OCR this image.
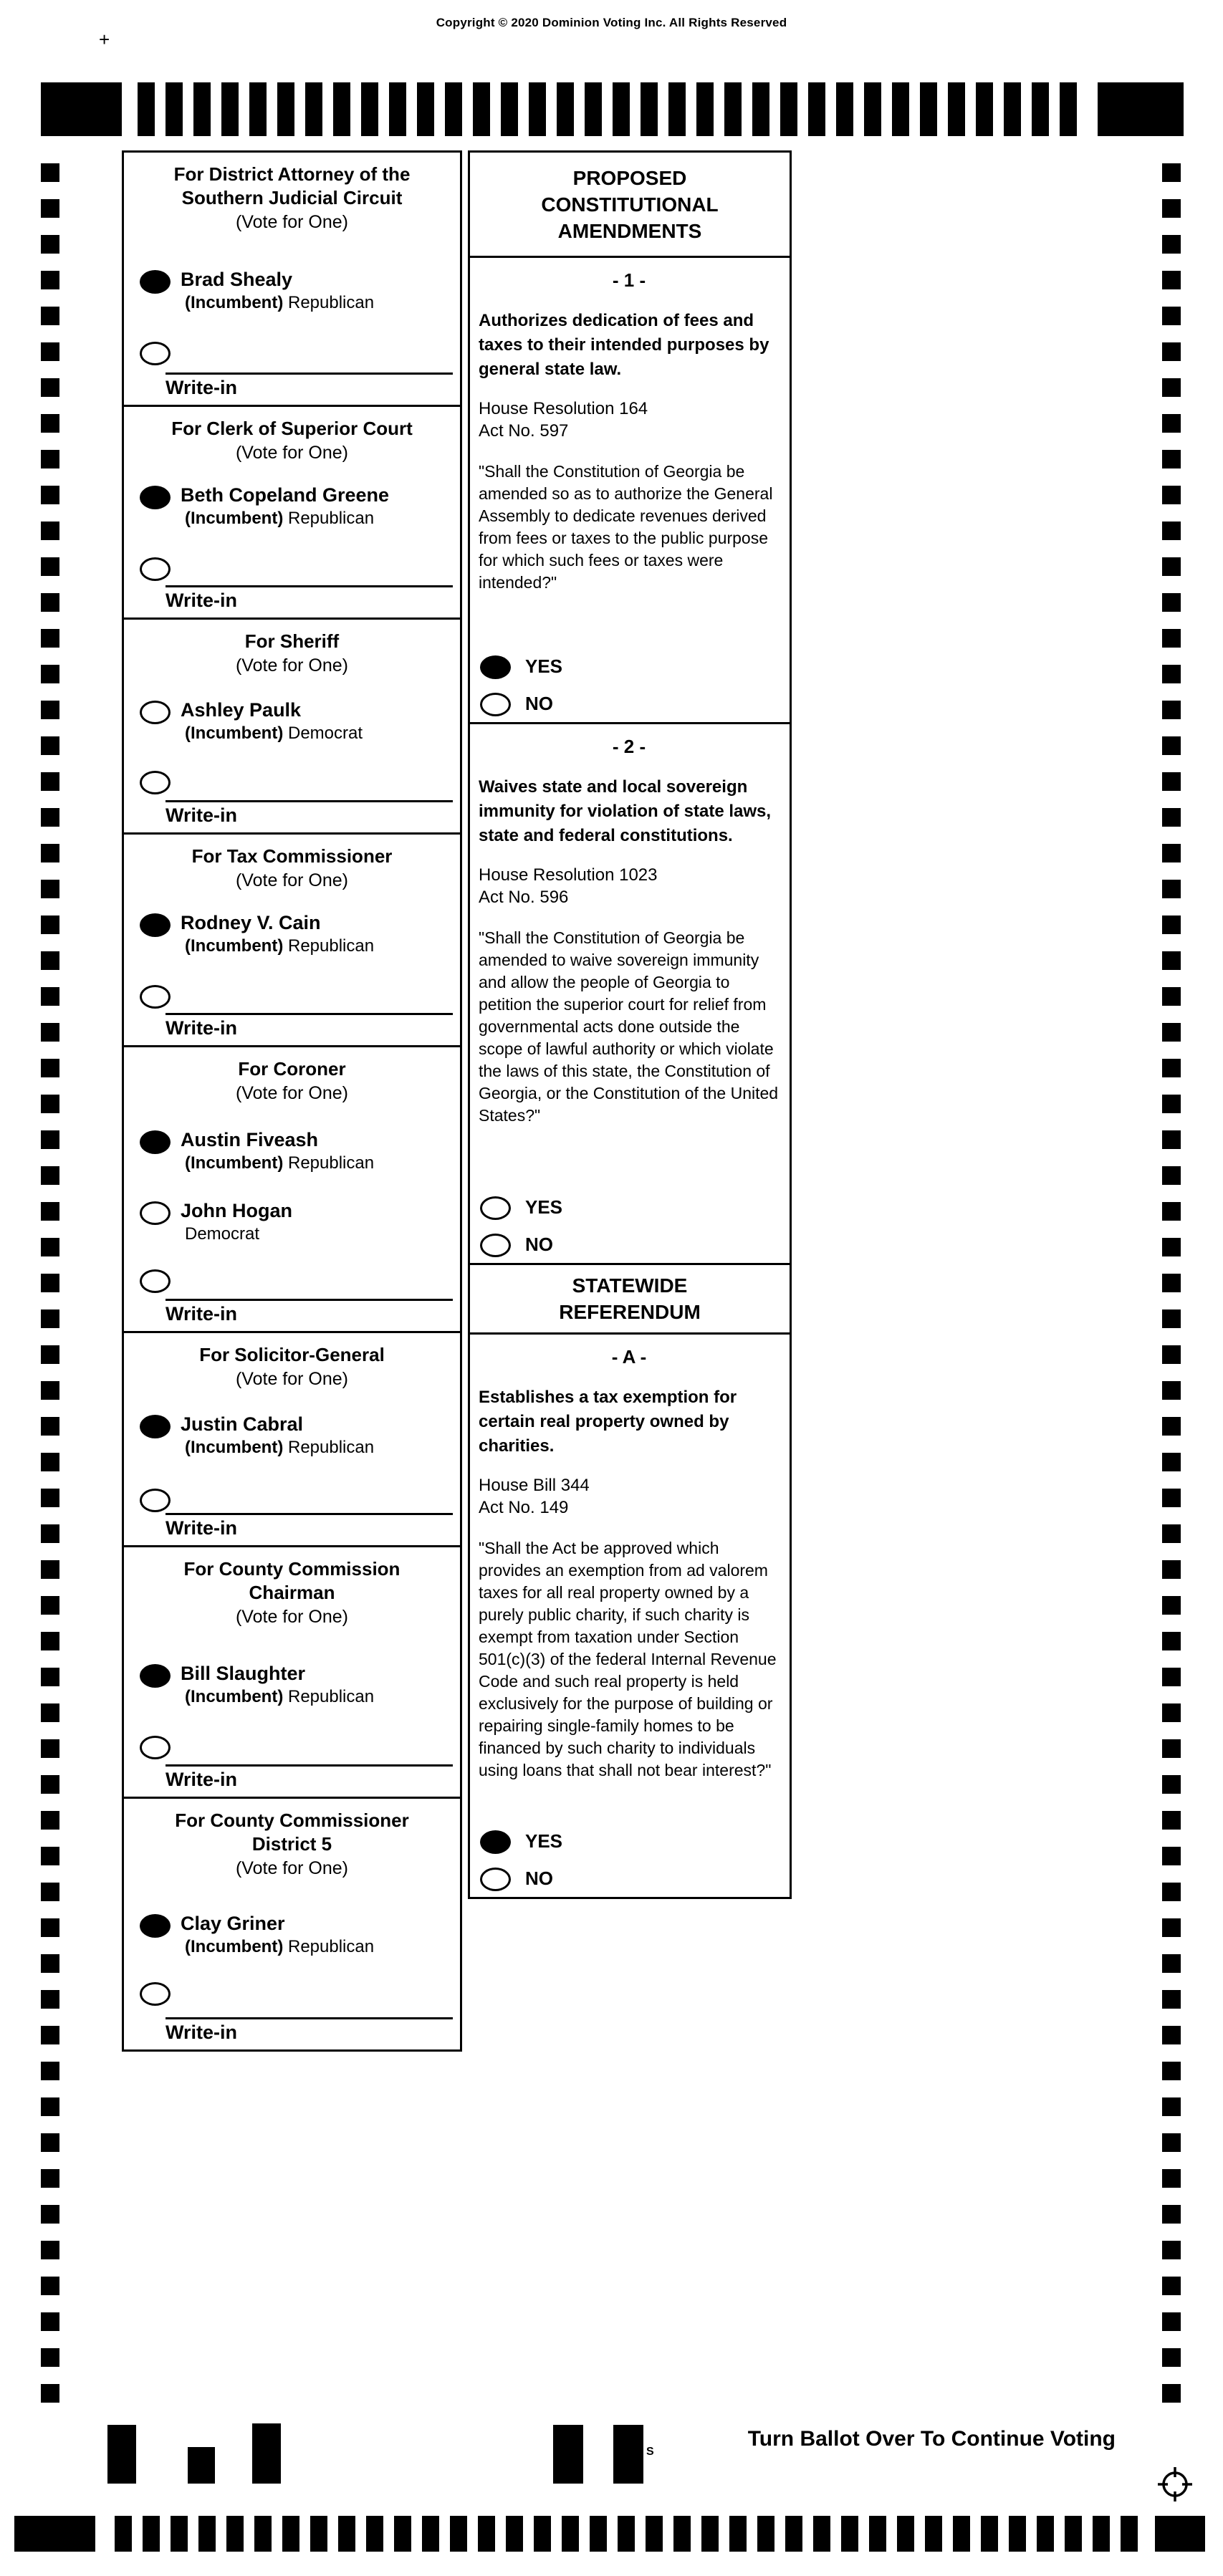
Copyright © 2020 Dominion Voting Inc. All Rights Reserved
+
For District Attorney of the
Southern Judicial Circuit
(Vote for One)
Brad Shealy
(Incumbent) Republican
Write-in
For Clerk of Superior Court
(Vote for One)
Beth Copeland Greene
(Incumbent) Republican
Write-in
For Sheriff
(Vote for One)
Ashley Paulk
(Incumbent) Democrat
Write-in
For Tax Commissioner
(Vote for One)
Rodney V. Cain
(Incumbent) Republican
Write-in
For Coroner
(Vote for One)
Austin Fiveash
(Incumbent) Republican
John Hogan
Democrat
Write-in
For Solicitor-General
(Vote for One)
Justin Cabral
(Incumbent) Republican
Write-in
For County Commission
Chairman
(Vote for One)
Bill Slaughter
(Incumbent) Republican
Write-in
For County Commissioner
District 5
(Vote for One)
Clay Griner
(Incumbent) Republican
Write-in
PROPOSED CONSTITUTIONAL AMENDMENTS
- 1 -
Authorizes dedication of fees and taxes to their intended purposes by general state law.
House Resolution 164
Act No. 597
"Shall the Constitution of Georgia be amended so as to authorize the General Assembly to dedicate revenues derived from fees or taxes to the public purpose for which such fees or taxes were intended?"
YES
NO
- 2 -
Waives state and local sovereign immunity for violation of state laws, state and federal constitutions.
House Resolution 1023
Act No. 596
"Shall the Constitution of Georgia be amended to waive sovereign immunity and allow the people of Georgia to petition the superior court for relief from governmental acts done outside the scope of lawful authority or which violate the laws of this state, the Constitution of Georgia, or the Constitution of the United States?"
YES
NO
STATEWIDE REFERENDUM
- A -
Establishes a tax exemption for certain real property owned by charities.
House Bill 344
Act No. 149
"Shall the Act be approved which provides an exemption from ad valorem taxes for all real property owned by a purely public charity, if such charity is exempt from taxation under Section 501(c)(3) of the federal Internal Revenue Code and such real property is held exclusively for the purpose of building or repairing single-family homes to be financed by such charity to individuals using loans that shall not bear interest?"
YES
NO
S
Turn Ballot Over To Continue Voting
